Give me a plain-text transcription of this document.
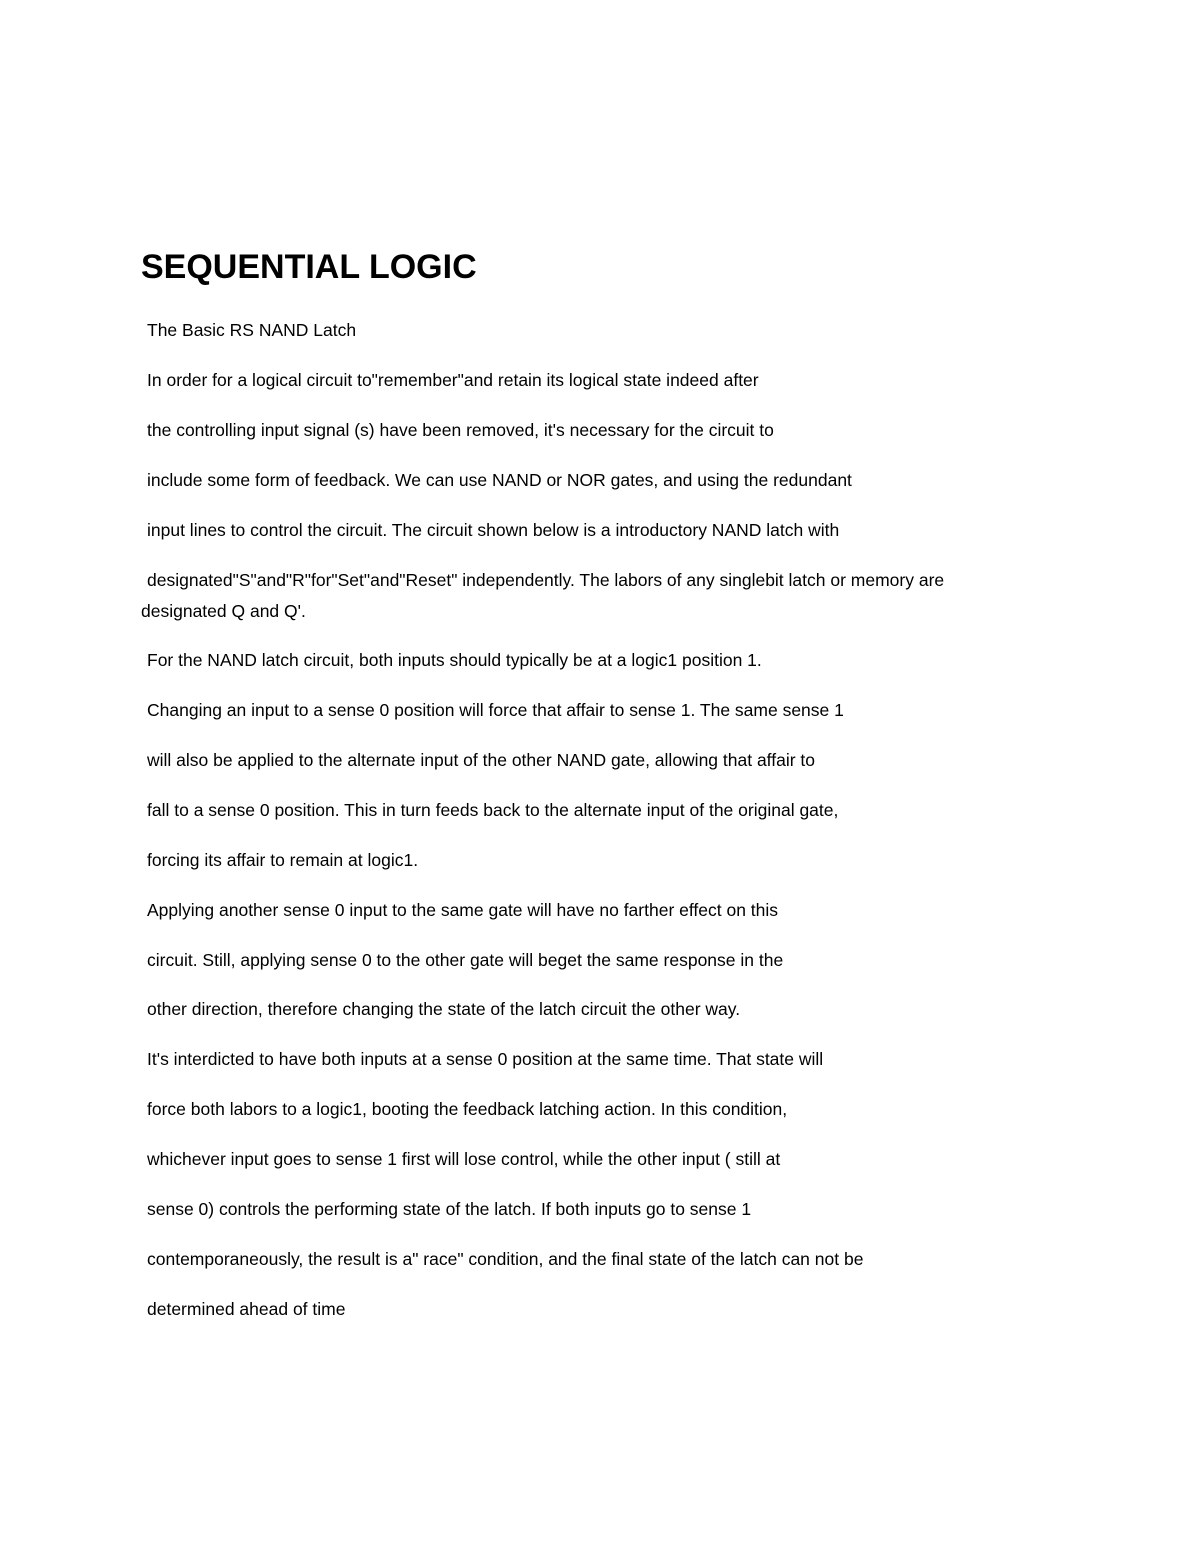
SEQUENTIAL LOGIC
The Basic RS NAND Latch
In order for a logical circuit to"remember"and retain its logical state indeed after
the controlling input signal (s) have been removed, it's necessary for the circuit to
include some form of feedback. We can use NAND or NOR gates, and using the redundant
input lines to control the circuit. The circuit shown below is a introductory NAND latch with
designated"S"and"R"for"Set"and"Reset" independently. The labors of any singlebit latch or memory are
designated Q and Q'.
For the NAND latch circuit, both inputs should typically be at a logic1 position 1.
Changing an input to a sense 0 position will force that affair to sense 1. The same sense 1
will also be applied to the alternate input of the other NAND gate, allowing that affair to
fall to a sense 0 position. This in turn feeds back to the alternate input of the original gate,
forcing its affair to remain at logic1.
Applying another sense 0 input to the same gate will have no farther effect on this
circuit. Still, applying sense 0 to the other gate will beget the same response in the
other direction, therefore changing the state of the latch circuit the other way.
It's interdicted to have both inputs at a sense 0 position at the same time. That state will
force both labors to a logic1, booting the feedback latching action. In this condition,
whichever input goes to sense 1 first will lose control, while the other input ( still at
sense 0) controls the performing state of the latch. If both inputs go to sense 1
contemporaneously, the result is a" race" condition, and the final state of the latch can not be
determined ahead of time
